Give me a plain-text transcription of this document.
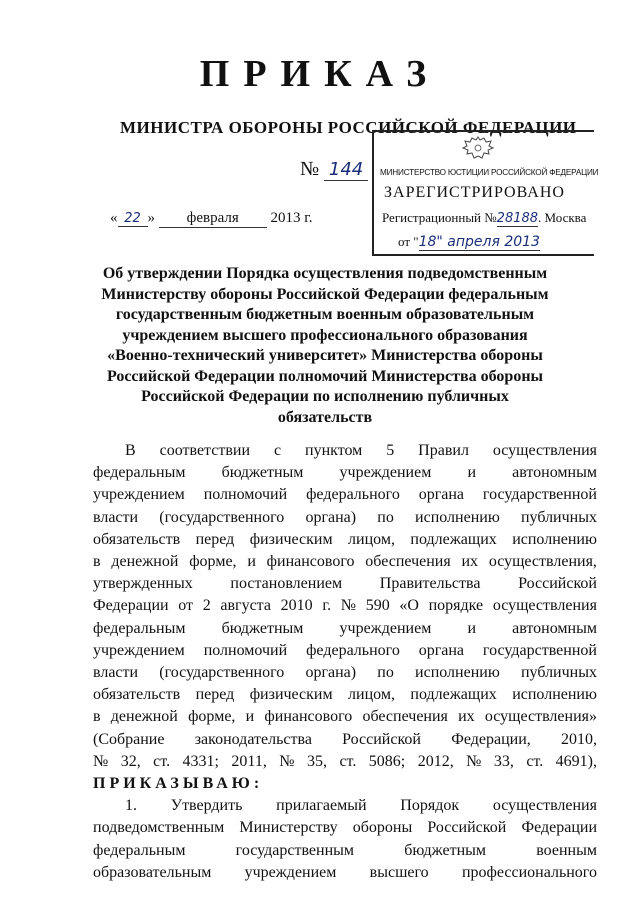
ПРИКАЗ
МИНИСТРА ОБОРОНЫ РОССИЙСКОЙ ФЕДЕРАЦИИ
№ 144
« 22 » февраля 2013 г.
МИНИСТЕРСТВО ЮСТИЦИИ РОССИЙСКОЙ ФЕДЕРАЦИИ
ЗАРЕГИСТРИРОВАНО
Регистрационный №28188. Москва
от "18" апреля 2013
Об утверждении Порядка осуществления подведомственным
Министерству обороны Российской Федерации федеральным
государственным бюджетным военным образовательным
учреждением высшего профессионального образования
«Военно-технический университет» Министерства обороны
Российской Федерации полномочий Министерства обороны
Российской Федерации по исполнению публичных
обязательств
В соответствии с пунктом 5 Правил осуществления
федеральным бюджетным учреждением и автономным
учреждением полномочий федерального органа государственной
власти (государственного органа) по исполнению публичных
обязательств перед физическим лицом, подлежащих исполнению
в денежной форме, и финансового обеспечения их осуществления,
утвержденных постановлением Правительства Российской
Федерации от 2 августа 2010 г. № 590 «О порядке осуществления
федеральным бюджетным учреждением и автономным
учреждением полномочий федерального органа государственной
власти (государственного органа) по исполнению публичных
обязательств перед физическим лицом, подлежащих исполнению
в денежной форме, и финансового обеспечения их осуществления»
(Собрание законодательства Российской Федерации, 2010,
№ 32, ст. 4331; 2011, № 35, ст. 5086; 2012, № 33, ст. 4691),
ПРИКАЗЫВАЮ:
1. Утвердить прилагаемый Порядок осуществления
подведомственным Министерству обороны Российской Федерации
федеральным	государственным	бюджетным	военным
образовательным учреждением высшего профессионального
